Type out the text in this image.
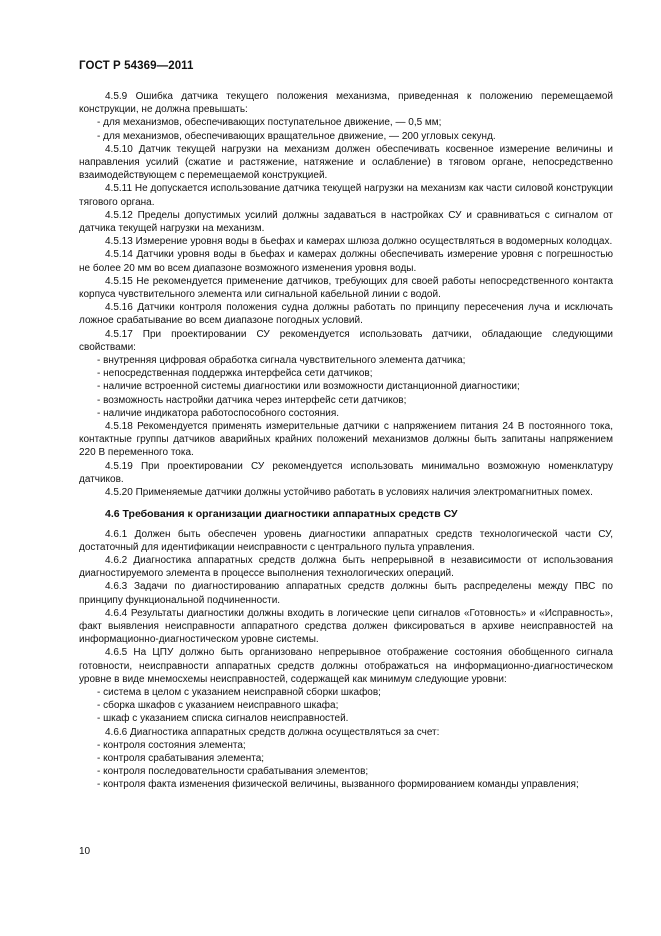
ГОСТ Р 54369—2011

4.5.9 Ошибка датчика текущего положения механизма, приведенная к положению перемещаемой конструкции, не должна превышать:

- для механизмов, обеспечивающих поступательное движение, — 0,5 мм;

- для механизмов, обеспечивающих вращательное движение, — 200 угловых секунд.

4.5.10 Датчик текущей нагрузки на механизм должен обеспечивать косвенное измерение величины и направления усилий (сжатие и растяжение, натяжение и ослабление) в тяговом органе, непосредственно взаимодействующем с перемещаемой конструкцией.

4.5.11 Не допускается использование датчика текущей нагрузки на механизм как части силовой конструкции тягового органа.

4.5.12 Пределы допустимых усилий должны задаваться в настройках СУ и сравниваться с сигналом от датчика текущей нагрузки на механизм.

4.5.13 Измерение уровня воды в бьефах и камерах шлюза должно осуществляться в водомерных колодцах.

4.5.14 Датчики уровня воды в бьефах и камерах должны обеспечивать измерение уровня с погрешностью не более 20 мм во всем диапазоне возможного изменения уровня воды.

4.5.15 Не рекомендуется применение датчиков, требующих для своей работы непосредственного контакта корпуса чувствительного элемента или сигнальной кабельной линии с водой.

4.5.16 Датчики контроля положения судна должны работать по принципу пересечения луча и исключать ложное срабатывание во всем диапазоне погодных условий.

4.5.17 При проектировании СУ рекомендуется использовать датчики, обладающие следующими свойствами:

- внутренняя цифровая обработка сигнала чувствительного элемента датчика;

- непосредственная поддержка интерфейса сети датчиков;

- наличие встроенной системы диагностики или возможности дистанционной диагностики;

- возможность настройки датчика через интерфейс сети датчиков;

- наличие индикатора работоспособного состояния.

4.5.18 Рекомендуется применять измерительные датчики с напряжением питания 24 В постоянного тока, контактные группы датчиков аварийных крайних положений механизмов должны быть запитаны напряжением 220 В переменного тока.

4.5.19 При проектировании СУ рекомендуется использовать минимально возможную номенклатуру датчиков.

4.5.20 Применяемые датчики должны устойчиво работать в условиях наличия электромагнитных помех.

4.6 Требования к организации диагностики аппаратных средств СУ

4.6.1 Должен быть обеспечен уровень диагностики аппаратных средств технологической части СУ, достаточный для идентификации неисправности с центрального пульта управления.

4.6.2 Диагностика аппаратных средств должна быть непрерывной в независимости от использования диагностируемого элемента в процессе выполнения технологических операций.

4.6.3 Задачи по диагностированию аппаратных средств должны быть распределены между ПВС по принципу функциональной подчиненности.

4.6.4 Результаты диагностики должны входить в логические цепи сигналов «Готовность» и «Исправность», факт выявления неисправности аппаратного средства должен фиксироваться в архиве неисправностей на информационно-диагностическом уровне системы.

4.6.5 На ЦПУ должно быть организовано непрерывное отображение состояния обобщенного сигнала готовности, неисправности аппаратных средств должны отображаться на информационно-диагностическом уровне в виде мнемосхемы неисправностей, содержащей как минимум следующие уровни:

- система в целом с указанием неисправной сборки шкафов;

- сборка шкафов с указанием неисправного шкафа;

- шкаф с указанием списка сигналов неисправностей.

4.6.6 Диагностика аппаратных средств должна осуществляться за счет:

- контроля состояния элемента;

- контроля срабатывания элемента;

- контроля последовательности срабатывания элементов;

- контроля факта изменения физической величины, вызванного формированием команды управления;

10
